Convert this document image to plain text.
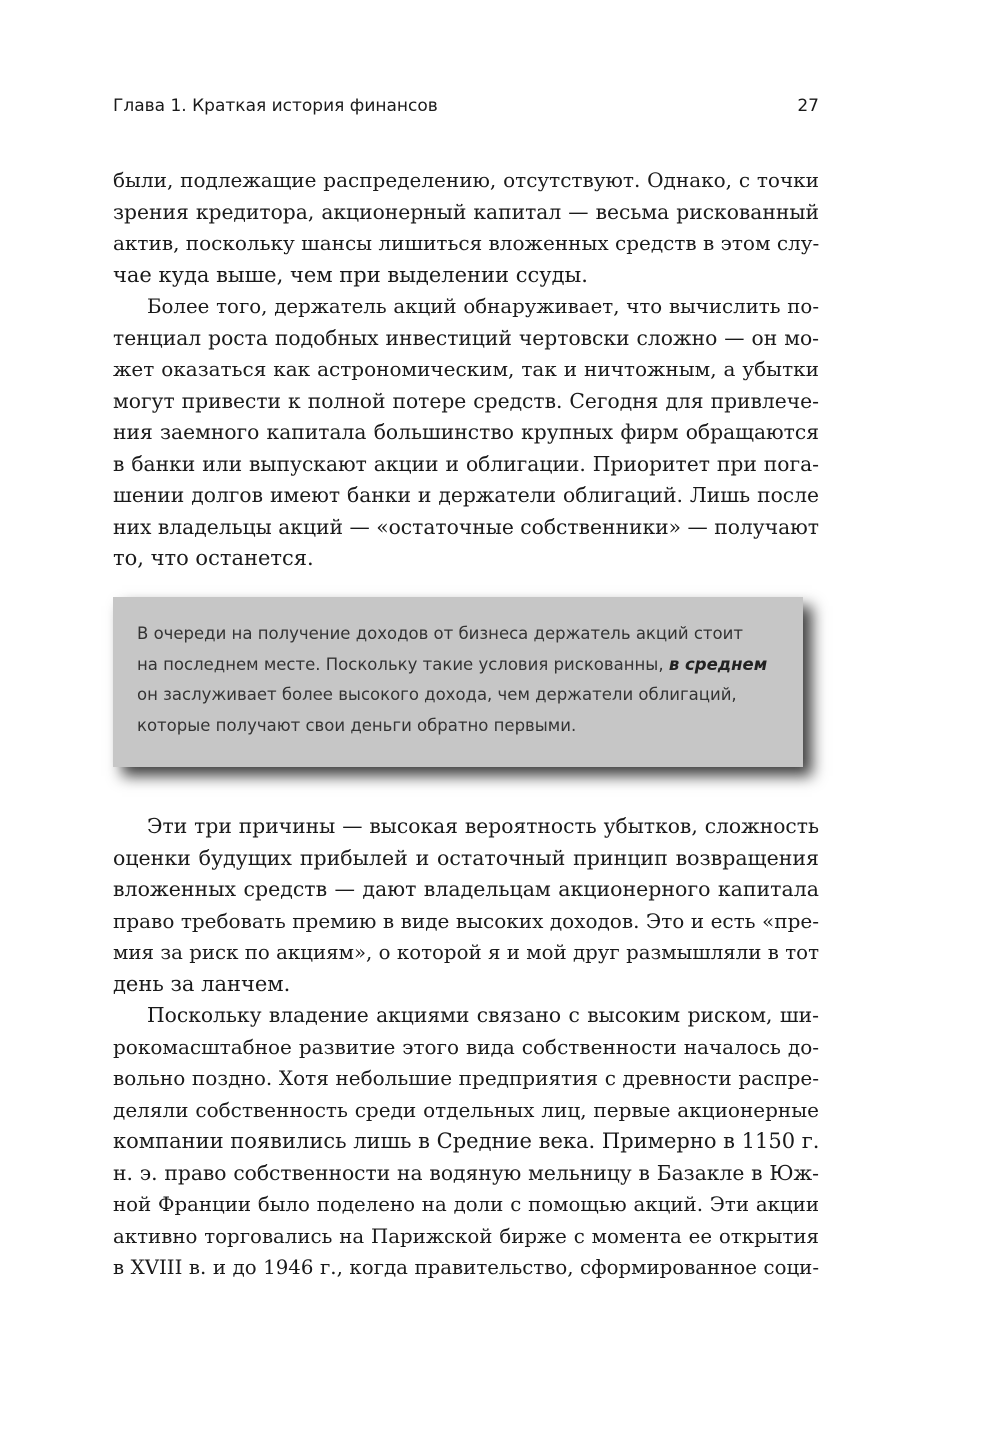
Глава 1. Краткая история финансов	27
были, подлежащие распределению, отсутствуют. Однако, с точки
зрения кредитора, акционерный капитал — весьма рискованный
актив, поскольку шансы лишиться вложенных средств в этом слу-
чае куда выше, чем при выделении ссуды.
Более того, держатель акций обнаруживает, что вычислить по-
тенциал роста подобных инвестиций чертовски сложно — он мо-
жет оказаться как астрономическим, так и ничтожным, а убытки
могут привести к полной потере средств. Сегодня для привлече-
ния заемного капитала большинство крупных фирм обращаются
в банки или выпускают акции и облигации. Приоритет при пога-
шении долгов имеют банки и держатели облигаций. Лишь после
них владельцы акций — «остаточные собственники» — получают
то, что останется.
В очереди на получение доходов от бизнеса держатель акций стоит
на последнем месте. Поскольку такие условия рискованны, в среднем
он заслуживает более высокого дохода, чем держатели облигаций,
которые получают свои деньги обратно первыми.
Эти три причины — высокая вероятность убытков, сложность
оценки будущих прибылей и остаточный принцип возвращения
вложенных средств — дают владельцам акционерного капитала
право требовать премию в виде высоких доходов. Это и есть «пре-
мия за риск по акциям», о которой я и мой друг размышляли в тот
день за ланчем.
Поскольку владение акциями связано с высоким риском, ши-
рокомасштабное развитие этого вида собственности началось до-
вольно поздно. Хотя небольшие предприятия с древности распре-
деляли собственность среди отдельных лиц, первые акционерные
компании появились лишь в Средние века. Примерно в 1150 г.
н. э. право собственности на водяную мельницу в Базакле в Юж-
ной Франции было поделено на доли с помощью акций. Эти акции
активно торговались на Парижской бирже с момента ее открытия
в XVIII в. и до 1946 г., когда правительство, сформированное соци-
